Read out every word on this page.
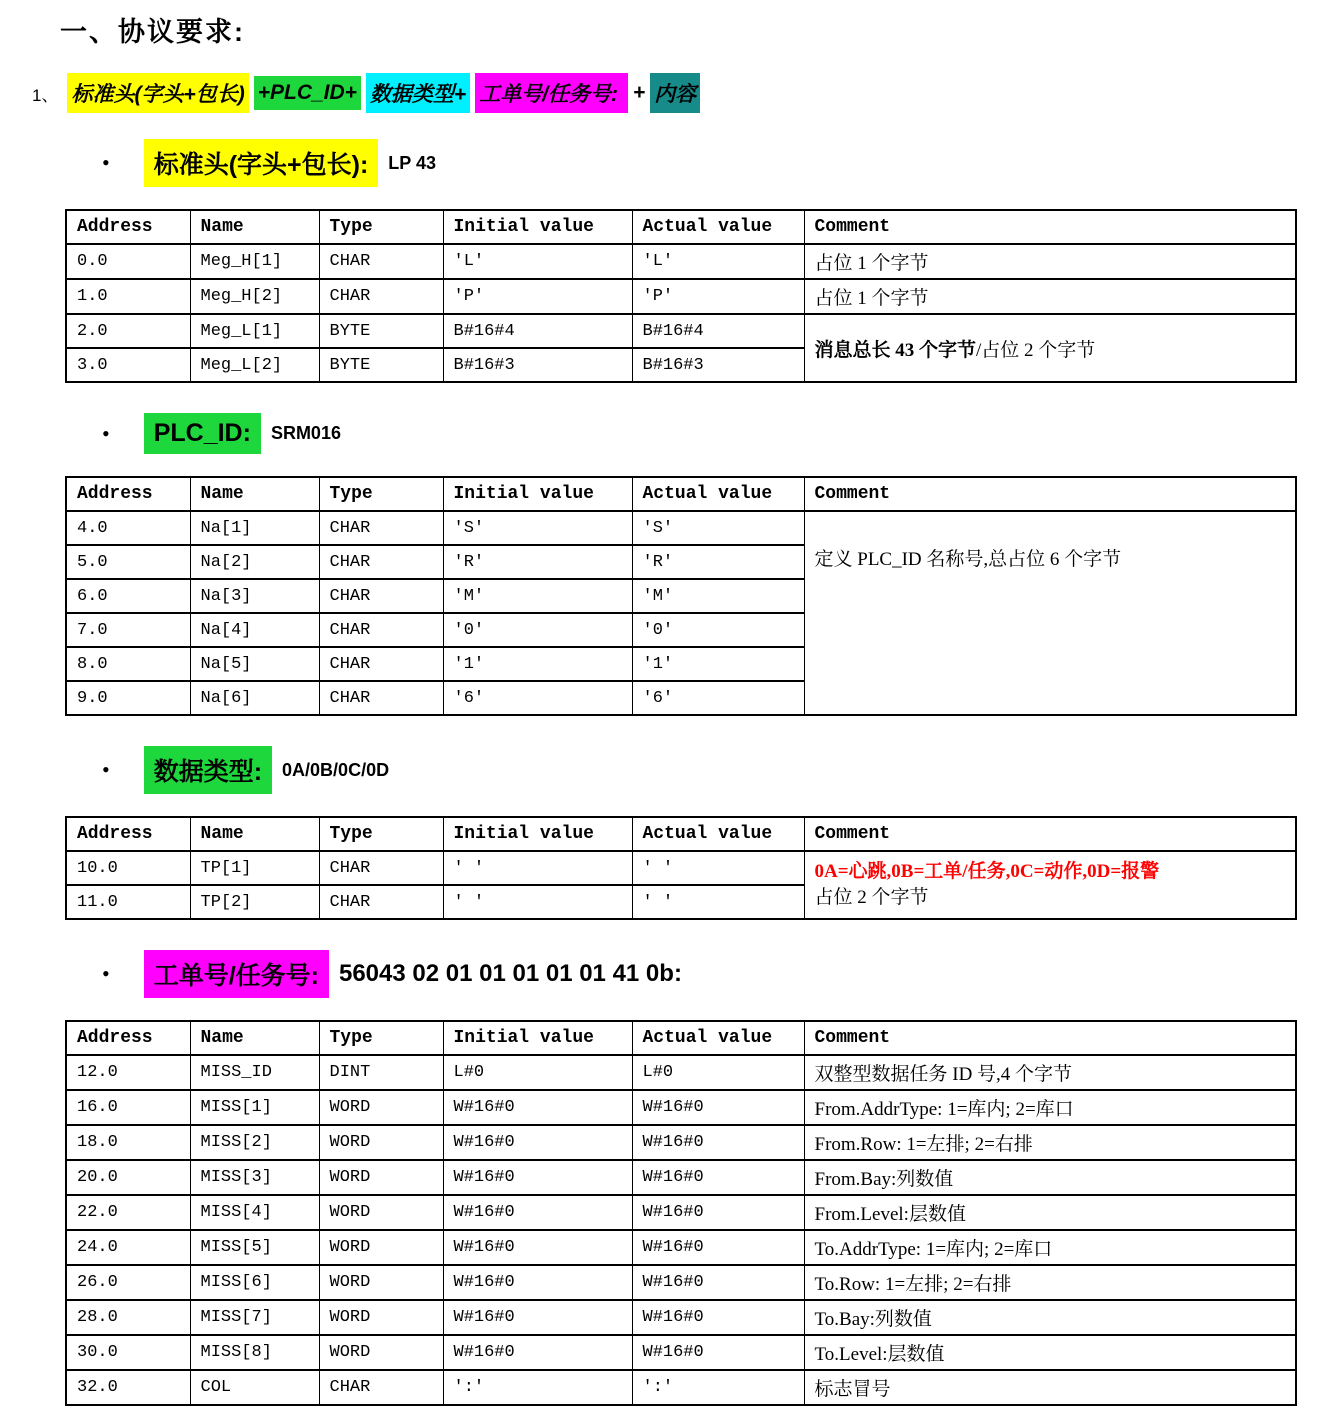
一、协议要求:
1、 标准头(字头+包长) +PLC_ID+ 数据类型+ 工单号/任务号: + 内容
•	标准头(字头+包长):	LP 43
Address	Name	Type	Initial value	Actual value	Comment
0.0	Meg_H[1]	CHAR	'L'	'L'	占位 1 个字节
1.0	Meg_H[2]	CHAR	'P'	'P'	占位 1 个字节
2.0	Meg_L[1]	BYTE	B#16#4	B#16#4	消息总长 43 个字节/占位 2 个字节
3.0	Meg_L[2]	BYTE	B#16#3	B#16#3	
•	PLC_ID:	SRM016
Address	Name	Type	Initial value	Actual value	Comment
4.0	Na[1]	CHAR	'S'	'S'	定义 PLC_ID 名称号,总占位 6 个字节
5.0	Na[2]	CHAR	'R'	'R'	
6.0	Na[3]	CHAR	'M'	'M'	
7.0	Na[4]	CHAR	'0'	'0'	
8.0	Na[5]	CHAR	'1'	'1'	
9.0	Na[6]	CHAR	'6'	'6'	
•	数据类型:	0A/0B/0C/0D
Address	Name	Type	Initial value	Actual value	Comment
10.0	TP[1]	CHAR	' '	' '	0A=心跳,0B=工单/任务,0C=动作,0D=报警
占位 2 个字节

11.0	TP[2]	CHAR	' '	' '	
•	工单号/任务号: 56043 02 01 01 01 01 01 41 0b:
Address	Name	Type	Initial value	Actual value	Comment
12.0	MISS_ID	DINT	L#0	L#0	双整型数据任务 ID 号,4 个字节
16.0	MISS[1]	WORD	W#16#0	W#16#0	From.AddrType: 1=库内; 2=库口
18.0	MISS[2]	WORD	W#16#0	W#16#0	From.Row: 1=左排; 2=右排
20.0	MISS[3]	WORD	W#16#0	W#16#0	From.Bay:列数值
22.0	MISS[4]	WORD	W#16#0	W#16#0	From.Level:层数值
24.0	MISS[5]	WORD	W#16#0	W#16#0	To.AddrType: 1=库内; 2=库口
26.0	MISS[6]	WORD	W#16#0	W#16#0	To.Row: 1=左排; 2=右排
28.0	MISS[7]	WORD	W#16#0	W#16#0	To.Bay:列数值
30.0	MISS[8]	WORD	W#16#0	W#16#0	To.Level:层数值
32.0	COL	CHAR	':'	':'	标志冒号
